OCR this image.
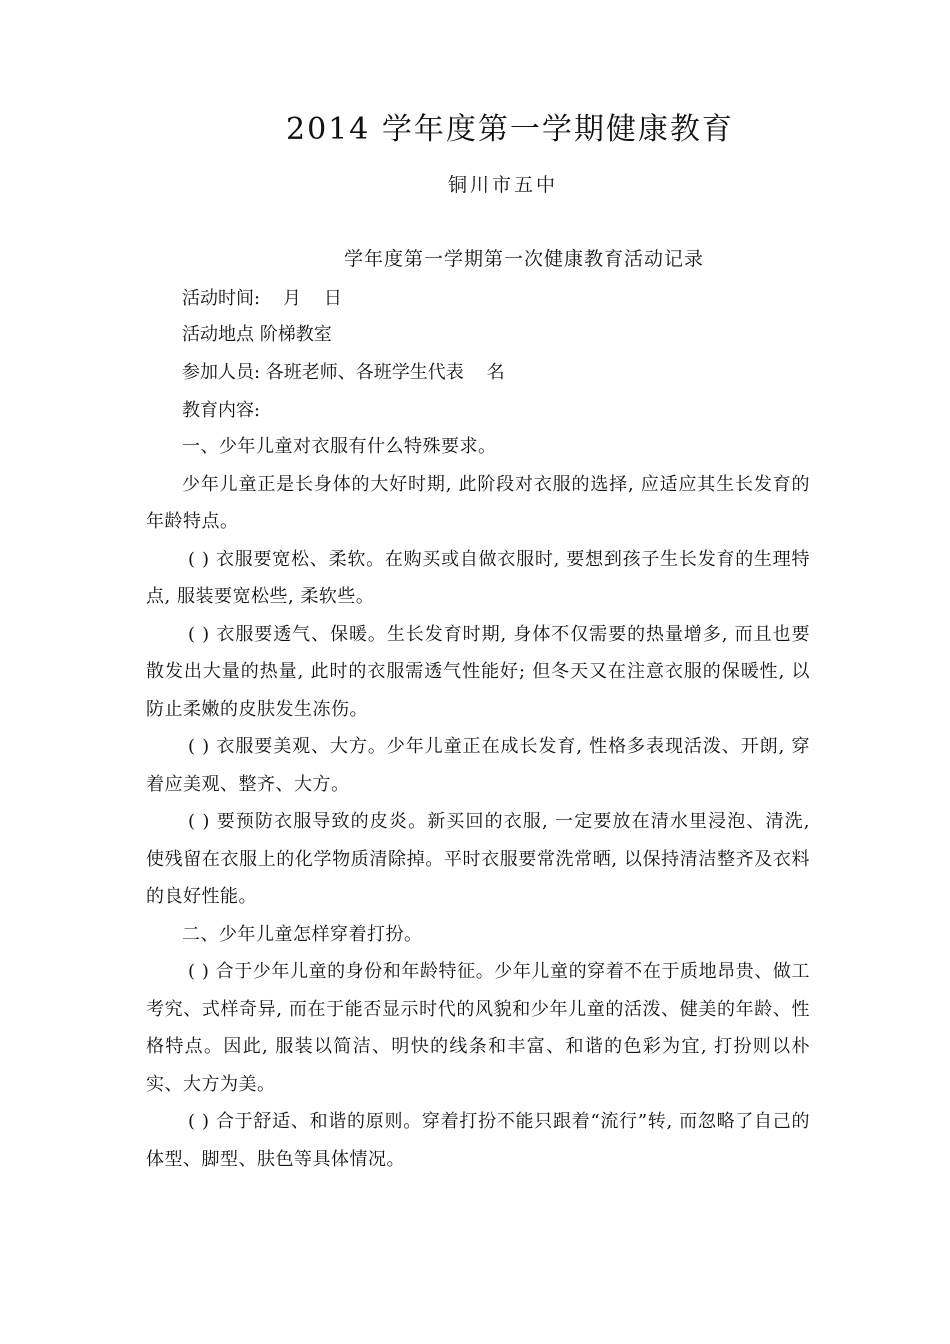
2014 学年度第一学期健康教育
铜川市五中
学年度第一学期第一次健康教育活动记录
活动时间:    月    日
活动地点 阶梯教室
参加人员: 各班老师、各班学生代表    名
教育内容:

一、少年儿童对衣服有什么特殊要求。

少年儿童正是长身体的大好时期, 此阶段对衣服的选择, 应适应其生长发育的年龄特点。

( ) 衣服要宽松、柔软。在购买或自做衣服时, 要想到孩子生长发育的生理特点, 服装要宽松些, 柔软些。

( ) 衣服要透气、保暖。生长发育时期, 身体不仅需要的热量增多, 而且也要散发出大量的热量, 此时的衣服需透气性能好; 但冬天又在注意衣服的保暖性, 以防止柔嫩的皮肤发生冻伤。

( ) 衣服要美观、大方。少年儿童正在成长发育, 性格多表现活泼、开朗, 穿着应美观、整齐、大方。

( ) 要预防衣服导致的皮炎。新买回的衣服, 一定要放在清水里浸泡、清洗, 使残留在衣服上的化学物质清除掉。平时衣服要常洗常晒, 以保持清洁整齐及衣料的良好性能。

二、少年儿童怎样穿着打扮。

( ) 合于少年儿童的身份和年龄特征。少年儿童的穿着不在于质地昂贵、做工考究、式样奇异, 而在于能否显示时代的风貌和少年儿童的活泼、健美的年龄、性格特点。因此, 服装以简洁、明快的线条和丰富、和谐的色彩为宜, 打扮则以朴实、大方为美。

( ) 合于舒适、和谐的原则。穿着打扮不能只跟着“流行”转, 而忽略了自己的体型、脚型、肤色等具体情况。
